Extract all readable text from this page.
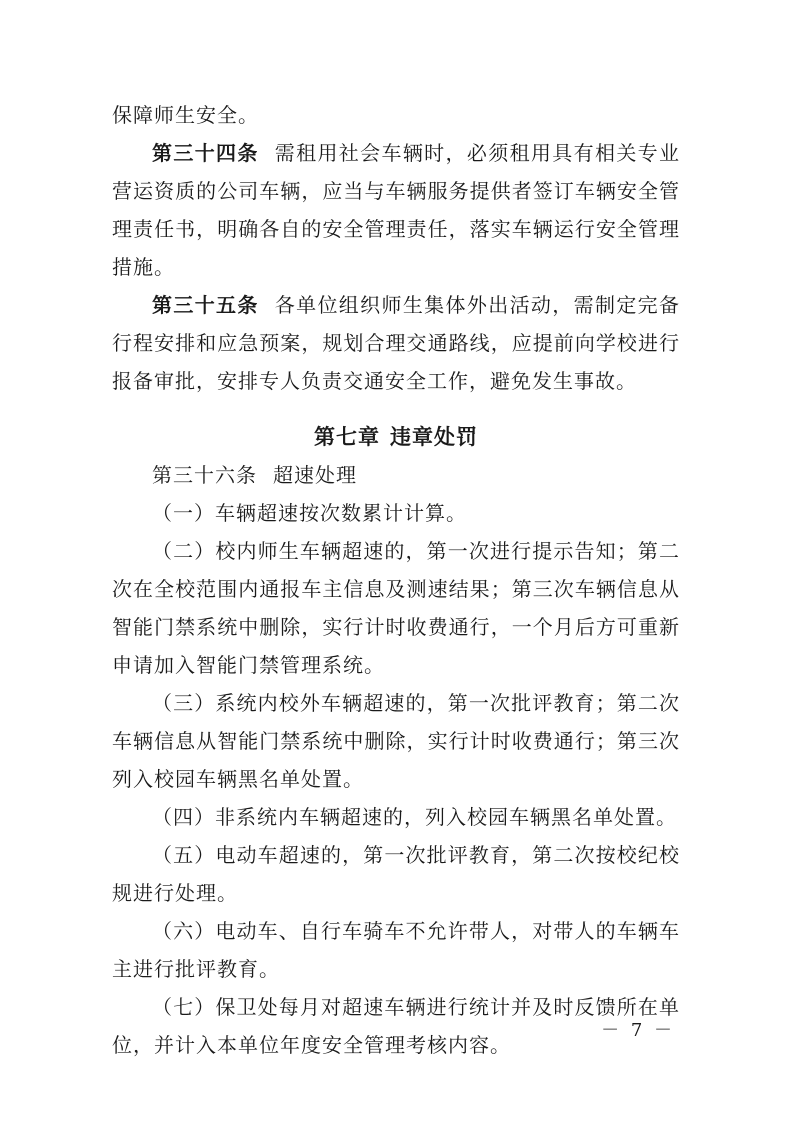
保障师生安全。

第三十四条 需租用社会车辆时，必须租用具有相关专业营运资质的公司车辆，应当与车辆服务提供者签订车辆安全管理责任书，明确各自的安全管理责任，落实车辆运行安全管理措施。

第三十五条 各单位组织师生集体外出活动，需制定完备行程安排和应急预案，规划合理交通路线，应提前向学校进行报备审批，安排专人负责交通安全工作，避免发生事故。

第七章 违章处罚

第三十六条 超速处理

（一）车辆超速按次数累计计算。

（二）校内师生车辆超速的，第一次进行提示告知；第二次在全校范围内通报车主信息及测速结果；第三次车辆信息从智能门禁系统中删除，实行计时收费通行，一个月后方可重新申请加入智能门禁管理系统。

（三）系统内校外车辆超速的，第一次批评教育；第二次车辆信息从智能门禁系统中删除，实行计时收费通行；第三次列入校园车辆黑名单处置。

（四）非系统内车辆超速的，列入校园车辆黑名单处置。

（五）电动车超速的，第一次批评教育，第二次按校纪校规进行处理。

（六）电动车、自行车骑车不允许带人，对带人的车辆车主进行批评教育。

（七）保卫处每月对超速车辆进行统计并及时反馈所在单位，并计入本单位年度安全管理考核内容。

－ 7 －
